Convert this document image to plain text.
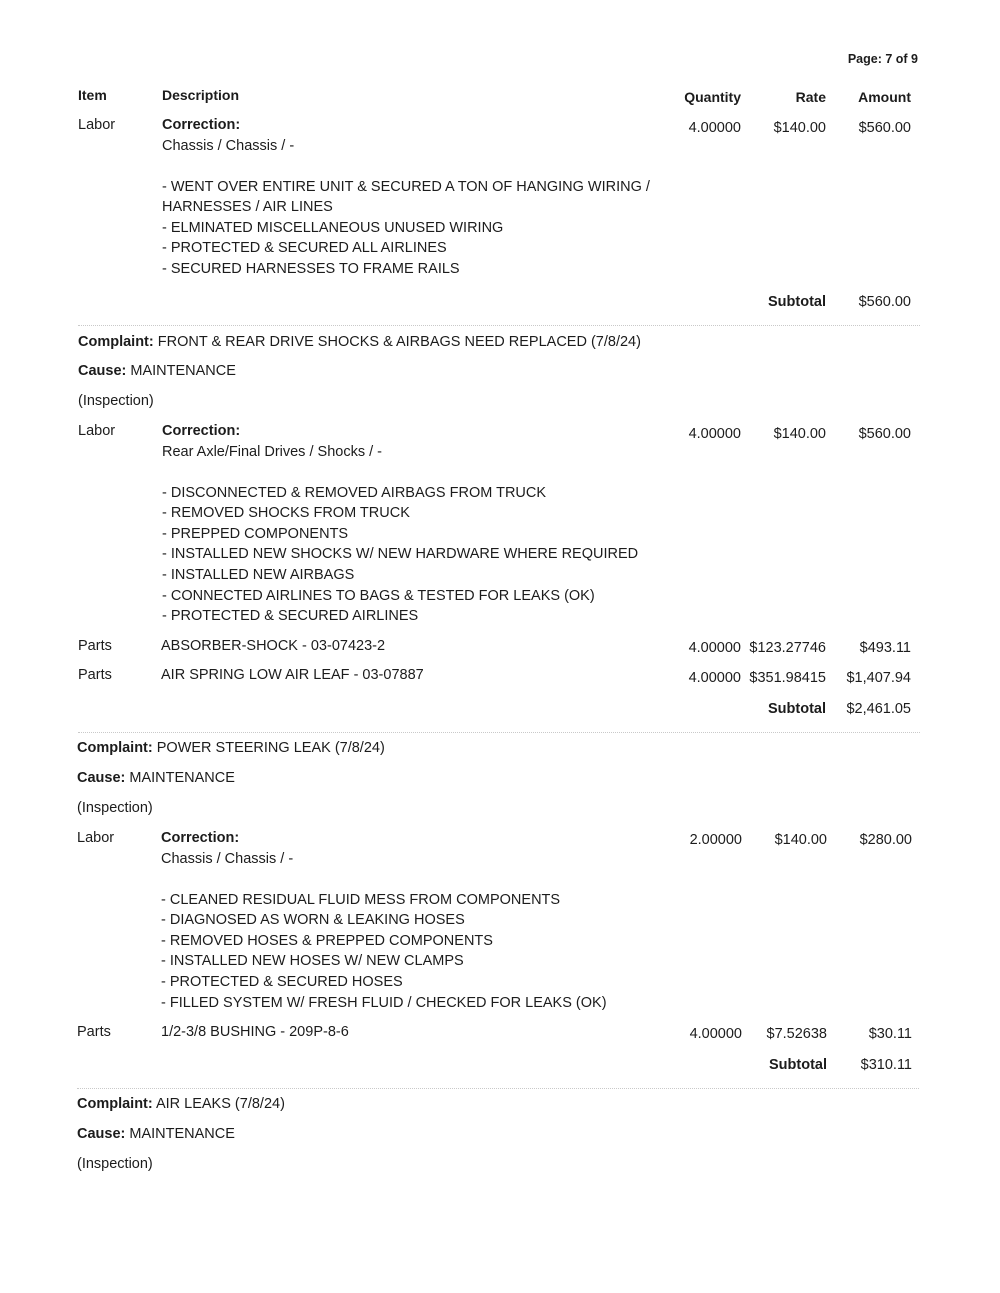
Page: 7 of 9
Item	Description	Quantity	Rate Amount
Labor	Correction:	4.00000 $140.00 $560.00
Chassis / Chassis / -
- WENT OVER ENTIRE UNIT & SECURED A TON OF HANGING WIRING /
HARNESSES / AIR LINES
- ELMINATED MISCELLANEOUS UNUSED WIRING
- PROTECTED & SECURED ALL AIRLINES
- SECURED HARNESSES TO FRAME RAILS
Subtotal $560.00
Complaint: FRONT & REAR DRIVE SHOCKS & AIRBAGS NEED REPLACED (7/8/24)
Cause: MAINTENANCE
(Inspection)
Labor	Correction:	4.00000 $140.00 $560.00
Rear Axle/Final Drives / Shocks / -
- DISCONNECTED & REMOVED AIRBAGS FROM TRUCK
- REMOVED SHOCKS FROM TRUCK
- PREPPED COMPONENTS
- INSTALLED NEW SHOCKS W/ NEW HARDWARE WHERE REQUIRED
- INSTALLED NEW AIRBAGS
- CONNECTED AIRLINES TO BAGS & TESTED FOR LEAKS (OK)
- PROTECTED & SECURED AIRLINES
Parts	ABSORBER-SHOCK - 03-07423-2	4.00000 $123.27746 $493.11
Parts	AIR SPRING LOW AIR LEAF - 03-07887	4.00000 $351.98415 $1,407.94
Subtotal $2,461.05
Complaint: POWER STEERING LEAK (7/8/24)
Cause: MAINTENANCE
(Inspection)
Labor	Correction:	2.00000 $140.00 $280.00
Chassis / Chassis / -
- CLEANED RESIDUAL FLUID MESS FROM COMPONENTS
- DIAGNOSED AS WORN & LEAKING HOSES
- REMOVED HOSES & PREPPED COMPONENTS
- INSTALLED NEW HOSES W/ NEW CLAMPS
- PROTECTED & SECURED HOSES
- FILLED SYSTEM W/ FRESH FLUID / CHECKED FOR LEAKS (OK)
Parts	1/2-3/8 BUSHING - 209P-8-6	4.00000 $7.52638	$30.11
Subtotal $310.11
Complaint: AIR LEAKS (7/8/24)
Cause: MAINTENANCE
(Inspection)
